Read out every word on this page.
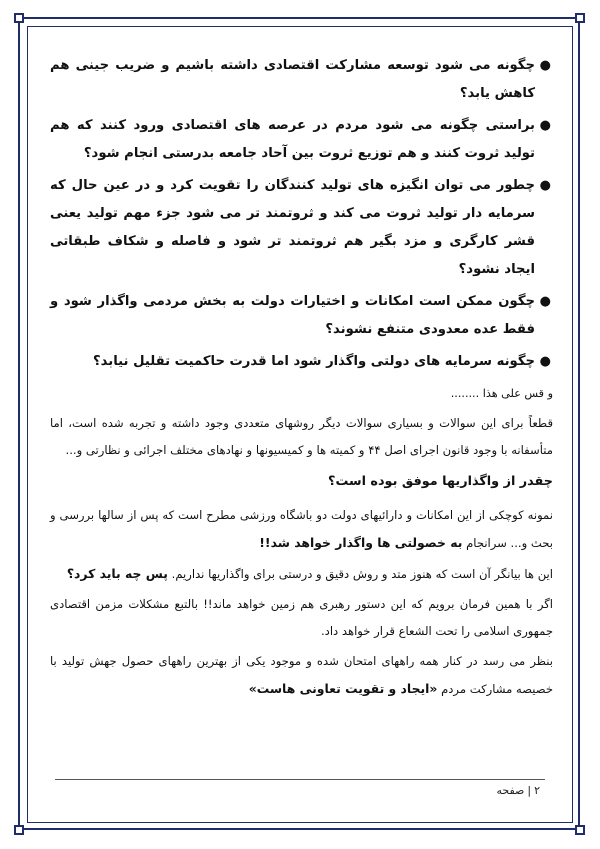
●
چگونه می شود توسعه مشارکت اقتصادی داشته باشیم و ضریب جینی هم کاهش یابد؟
●
براستی چگونه می شود مردم در عرصه های اقتصادی ورود کنند که هم تولید ثروت کنند و هم توزیع ثروت بین آحاد جامعه بدرستی انجام شود؟
●
چطور می توان انگیزه های تولید کنندگان را تقویت کرد و در عین حال که سرمایه دار تولید ثروت می کند و ثروتمند تر می شود جزء مهم تولید یعنی قشر کارگری و مزد بگیر هم ثروتمند تر شود و فاصله و شکاف طبقاتی ایجاد نشود؟
●
چگون ممکن است امکانات و اختیارات دولت به بخش مردمی واگذار شود و فقط عده معدودی متنفع نشوند؟
●
چگونه سرمایه های دولتی واگذار شود اما قدرت حاکمیت تقلیل نیابد؟

و قس علی هذا ........

قطعاً برای این سوالات و بسیاری سوالات دیگر روشهای متعددی وجود داشته و تجربه شده است، اما متأسفانه با وجود قانون اجرای اصل ۴۴ و کمیته ها و کمیسیونها و نهادهای مختلف اجرائی و نظارتی و...

چقدر از واگذاریها موفق بوده است؟

نمونه کوچکی از این امکانات و دارائیهای دولت دو باشگاه ورزشی مطرح است که پس از سالها بررسی و بحث و... سرانجام به خصولتی ها واگذار خواهد شد!!

این ها بیانگر آن است که هنوز متد و روش دقیق و درستی برای واگذاریها نداریم. پس چه باید کرد؟

اگر با همین فرمان برویم که این دستور رهبری هم زمین خواهد ماند!! بالتبع مشکلات مزمن اقتصادی جمهوری اسلامی را تحت الشعاع قرار خواهد داد.

بنظر می رسد در کنار همه راههای امتحان شده و موجود یکی از بهترین راههای حصول جهش تولید با خصیصه مشارکت مردم «ایجاد و تقویت تعاونی هاست»

۲|صفحه
